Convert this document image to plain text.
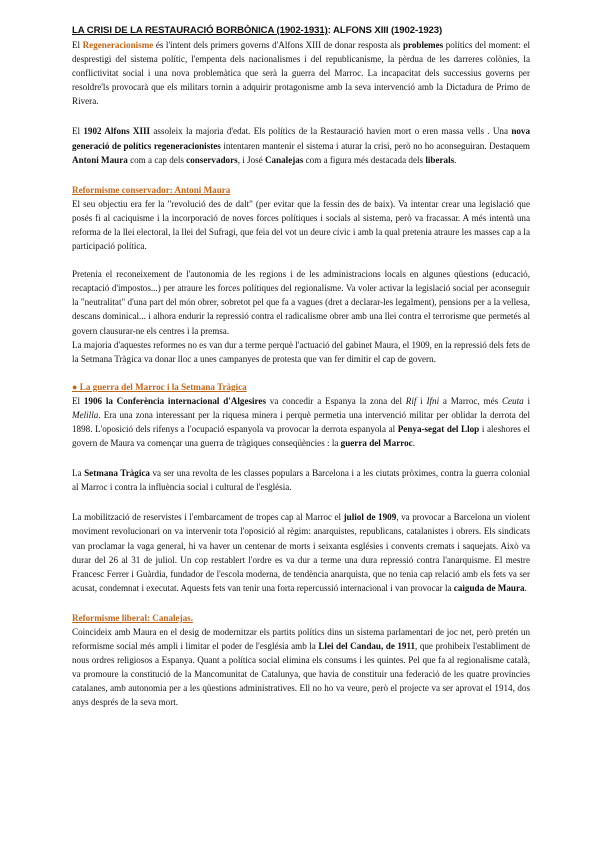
LA CRISI DE LA RESTAURACIÓ BORBÒNICA (1902-1931): ALFONS XIII (1902-1923)

El Regeneracionisme és l'intent dels primers governs d'Alfons XIII de donar resposta als problemes polítics del moment: el desprestigi del sistema polític, l'empenta dels nacionalismes i del republicanisme, la pèrdua de les darreres colònies, la conflictivitat social i una nova problemàtica que serà la guerra del Marroc. La incapacitat dels successius governs per resoldre'ls provocarà que els militars tornin a adquirir protagonisme amb la seva intervenció amb la Dictadura de Primo de Rivera.

El 1902 Alfons XIII assoleix la majoria d'edat. Els polítics de la Restauració havien mort o eren massa vells . Una nova generació de polítics regeneracionistes intentaren mantenir el sistema i aturar la crisi, però no ho aconseguiran. Destaquem Antoni Maura com a cap dels conservadors, i José Canalejas com a figura més destacada dels liberals.

Reformisme conservador: Antoni Maura

El seu objectiu era fer la "revolució des de dalt" (per evitar que la fessin des de baix). Va intentar crear una legislació que posés fi al caciquisme i la incorporació de noves forces polítiques i socials al sistema, però va fracassar. A més intentà una reforma de la llei electoral, la llei del Sufragi, que feia del vot un deure cívic i amb la qual pretenia atraure les masses cap a la participació política.

Pretenia el reconeixement de l'autonomia de les regions i de les administracions locals en algunes qüestions (educació, recaptació d'impostos...) per atraure les forces polítiques del regionalisme. Va voler activar la legislació social per aconseguir la "neutralitat" d'una part del món obrer, sobretot pel que fa a vagues (dret a declarar-les legalment), pensions per a la vellesa, descans dominical... i alhora endurir la repressió contra el radicalisme obrer amb una llei contra el terrorisme que permetés al govern clausurar-ne els centres i la premsa.

La majoria d'aquestes reformes no es van dur a terme perquè l'actuació del gabinet Maura, el 1909, en la repressió dels fets de la Setmana Tràgica va donar lloc a unes campanyes de protesta que van fer dimitir el cap de govern.

● La guerra del Marroc i la Setmana Tràgica

El 1906 la Conferència internacional d'Algesires va concedir a Espanya la zona del Rif i Ifni a Marroc, més Ceuta i Melilla. Era una zona interessant per la riquesa minera i perquè permetia una intervenció militar per oblidar la derrota del 1898. L'oposició dels rifenys a l'ocupació espanyola va provocar la derrota espanyola al Penya-segat del Llop i aleshores el govern de Maura va començar una guerra de tràgiques conseqüències : la guerra del Marroc.

La Setmana Tràgica va ser una revolta de les classes populars a Barcelona i a les ciutats pròximes, contra la guerra colonial al Marroc i contra la influència social i cultural de l'església.

La mobilització de reservistes i l'embarcament de tropes cap al Marroc el juliol de 1909, va provocar a Barcelona un violent moviment revolucionari on va intervenir tota l'oposició al règim: anarquistes, republicans, catalanistes i obrers. Els sindicats van proclamar la vaga general, hi va haver un centenar de morts i seixanta esglésies i convents cremats i saquejats. Això va durar del 26 al 31 de juliol. Un cop restablert l'ordre es va dur a terme una dura repressió contra l'anarquisme. El mestre Francesc Ferrer i Guàrdia, fundador de l'escola moderna, de tendència anarquista, que no tenia cap relació amb els fets va ser acusat, condemnat i executat. Aquests fets van tenir una forta repercussió internacional i van provocar la caiguda de Maura.

Reformisme liberal: Canalejas.

Coincideix amb Maura en el desig de modernitzar els partits polítics dins un sistema parlamentari de joc net, però pretén un reformisme social més ampli i limitar el poder de l'església amb la Llei del Candau, de 1911, que prohibeix l'establiment de nous ordres religiosos a Espanya. Quant a política social elimina els consums i les quintes. Pel que fa al regionalisme català, va promoure la constitució de la Mancomunitat de Catalunya, que havia de constituir una federació de les quatre províncies catalanes, amb autonomia per a les qüestions administratives. Ell no ho va veure, però el projecte va ser aprovat el 1914, dos anys després de la seva mort.
